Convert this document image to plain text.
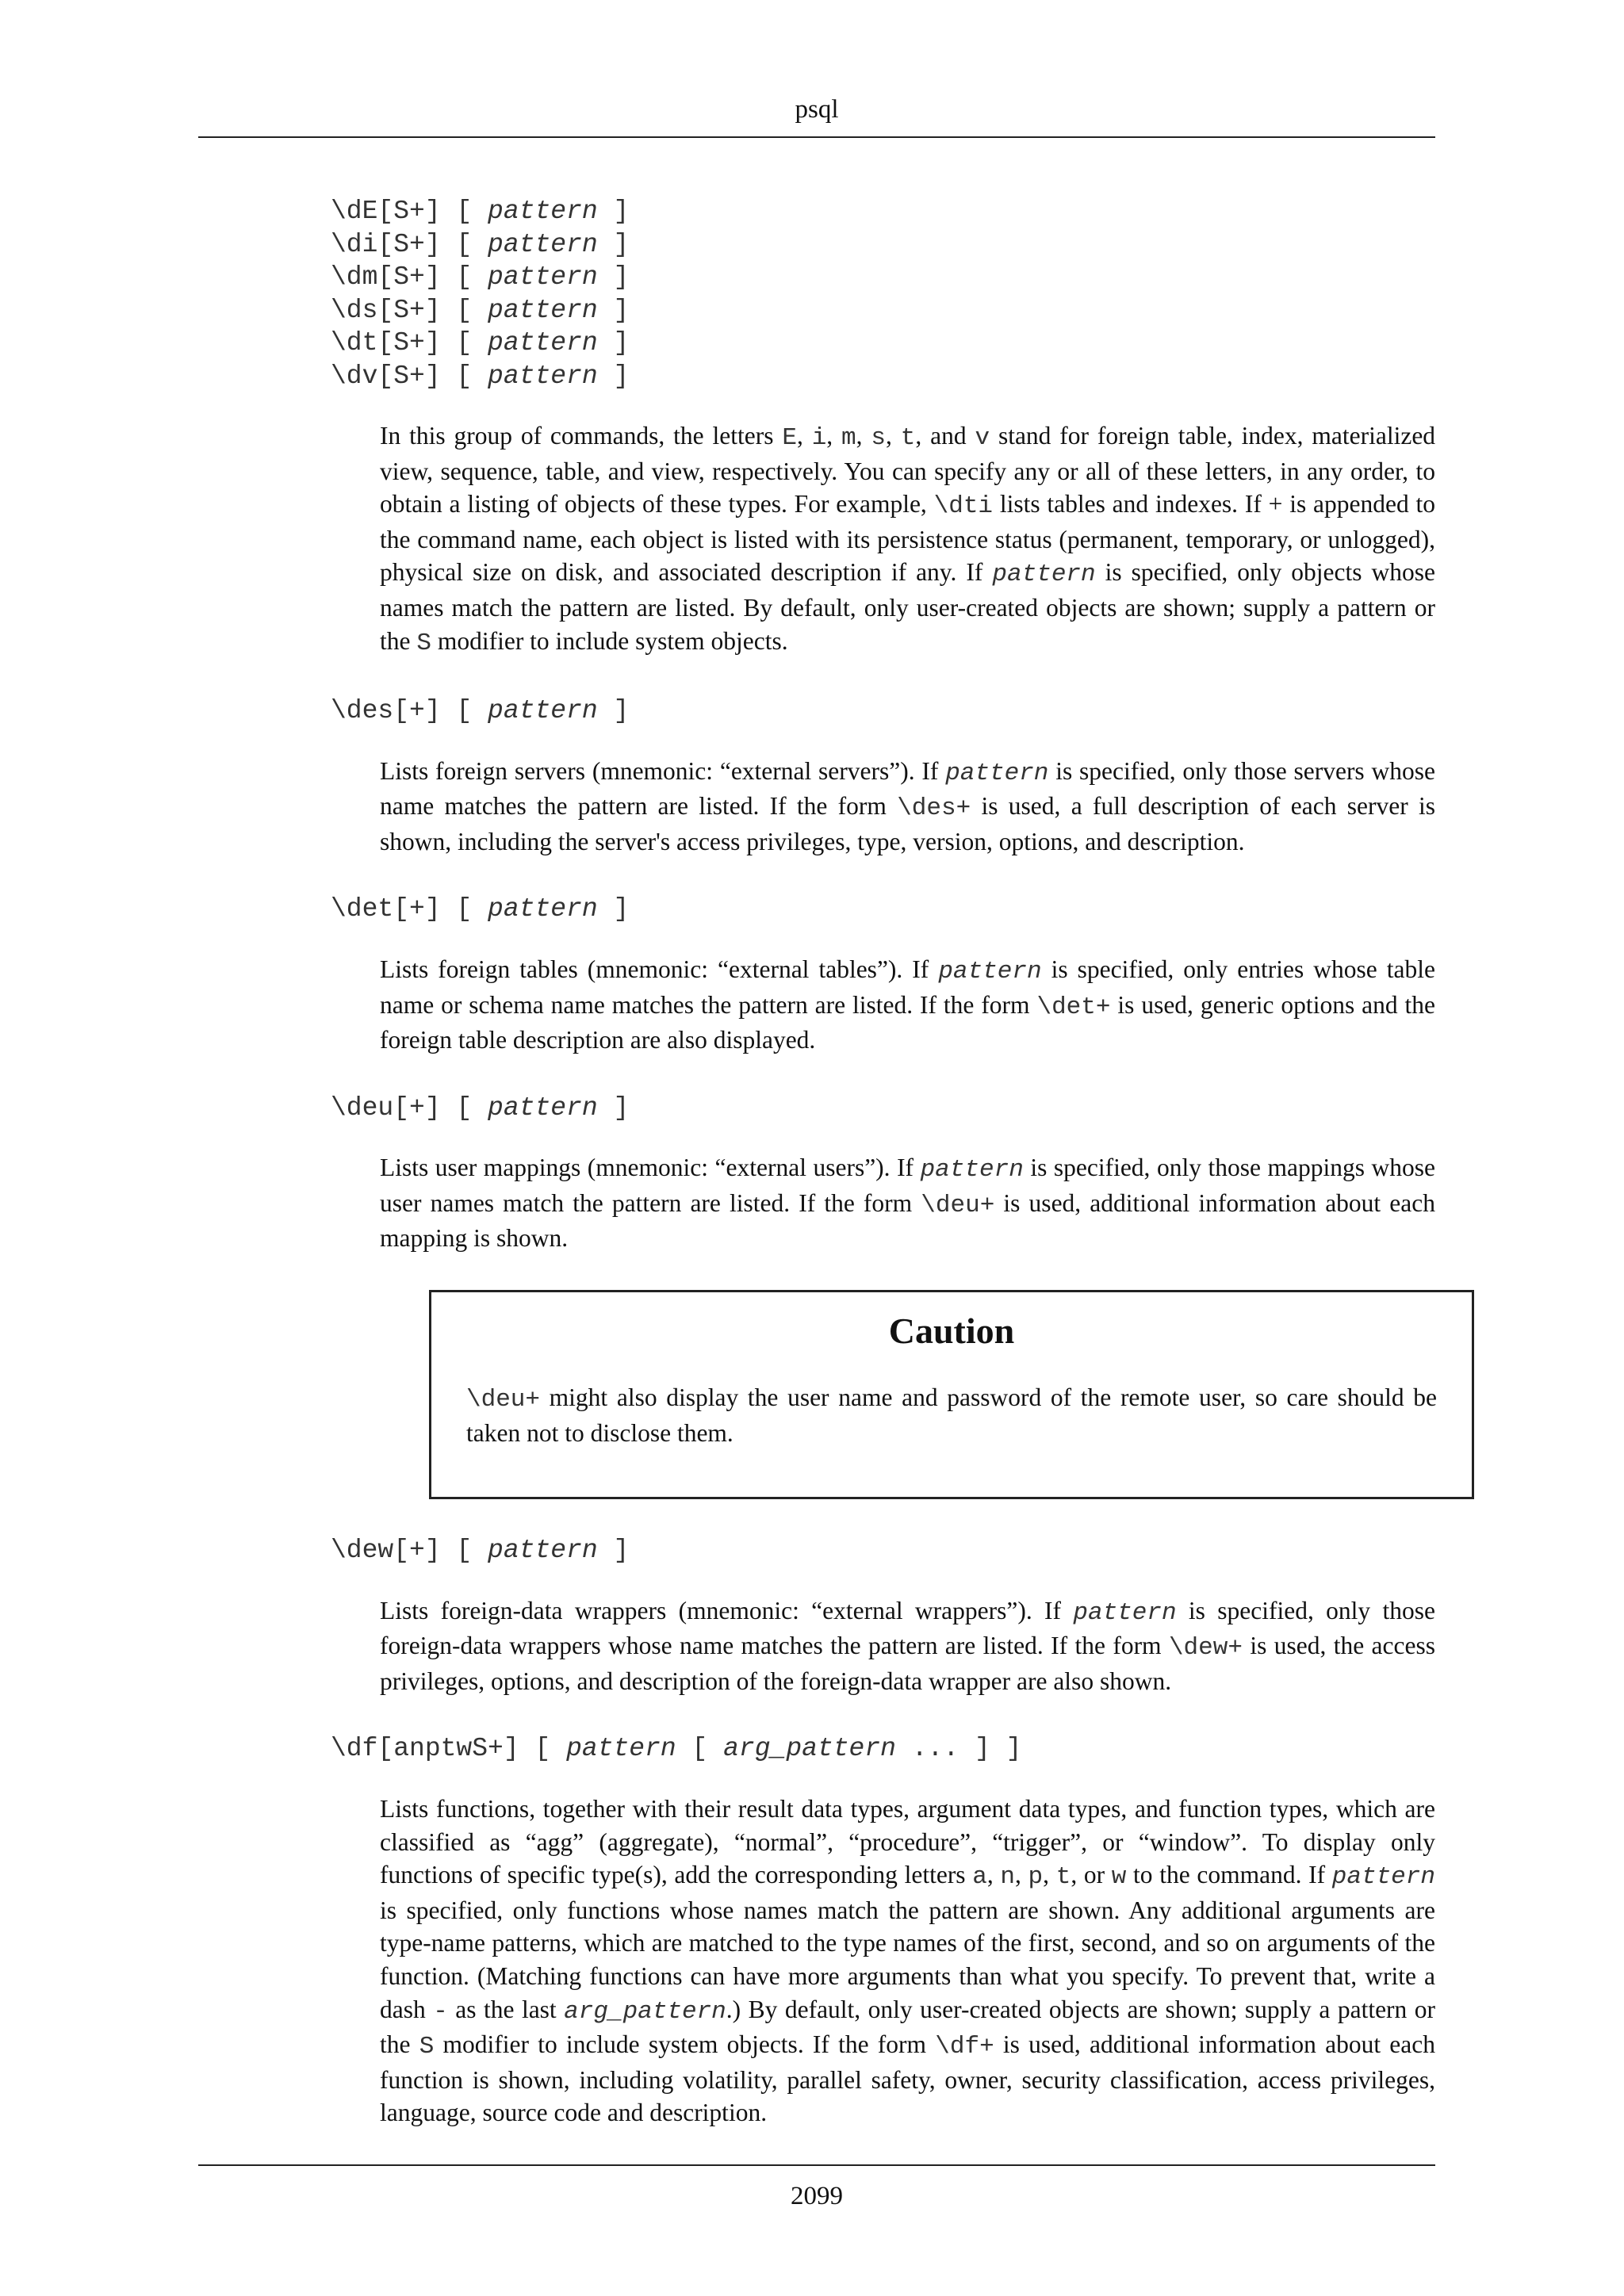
psql
\dE[S+] [ pattern ]
\di[S+] [ pattern ]
\dm[S+] [ pattern ]
\ds[S+] [ pattern ]
\dt[S+] [ pattern ]
\dv[S+] [ pattern ]

In this group of commands, the letters E, i, m, s, t, and v stand for foreign table, index, materialized view, sequence, table, and view, respectively. You can specify any or all of these letters, in any order, to obtain a listing of objects of these types. For example, \dti lists tables and indexes. If + is appended to the command name, each object is listed with its persistence status (permanent, temporary, or unlogged), physical size on disk, and associated description if any. If pattern is specified, only objects whose names match the pattern are listed. By default, only user-created objects are shown; supply a pattern or the S modifier to include system objects.

\des[+] [ pattern ]

Lists foreign servers (mnemonic: “external servers”). If pattern is specified, only those servers whose name matches the pattern are listed. If the form \des+ is used, a full description of each server is shown, including the server's access privileges, type, version, options, and description.

\det[+] [ pattern ]

Lists foreign tables (mnemonic: “external tables”). If pattern is specified, only entries whose table name or schema name matches the pattern are listed. If the form \det+ is used, generic options and the foreign table description are also displayed.

\deu[+] [ pattern ]

Lists user mappings (mnemonic: “external users”). If pattern is specified, only those mappings whose user names match the pattern are listed. If the form \deu+ is used, additional information about each mapping is shown.

Caution

\deu+ might also display the user name and password of the remote user, so care should be taken not to disclose them.

\dew[+] [ pattern ]

Lists foreign-data wrappers (mnemonic: “external wrappers”). If pattern is specified, only those foreign-data wrappers whose name matches the pattern are listed. If the form \dew+ is used, the access privileges, options, and description of the foreign-data wrapper are also shown.

\df[anptwS+] [ pattern [ arg_pattern ... ] ]

Lists functions, together with their result data types, argument data types, and function types, which are classified as “agg” (aggregate), “normal”, “procedure”, “trigger”, or “window”. To display only functions of specific type(s), add the corresponding letters a, n, p, t, or w to the command. If pattern is specified, only functions whose names match the pattern are shown. Any additional arguments are type-name patterns, which are matched to the type names of the first, second, and so on arguments of the function. (Matching functions can have more arguments than what you specify. To prevent that, write a dash - as the last arg_pattern.) By default, only user-created objects are shown; supply a pattern or the S modifier to include system objects. If the form \df+ is used, additional information about each function is shown, including volatility, parallel safety, owner, security classification, access privileges, language, source code and description.

2099
